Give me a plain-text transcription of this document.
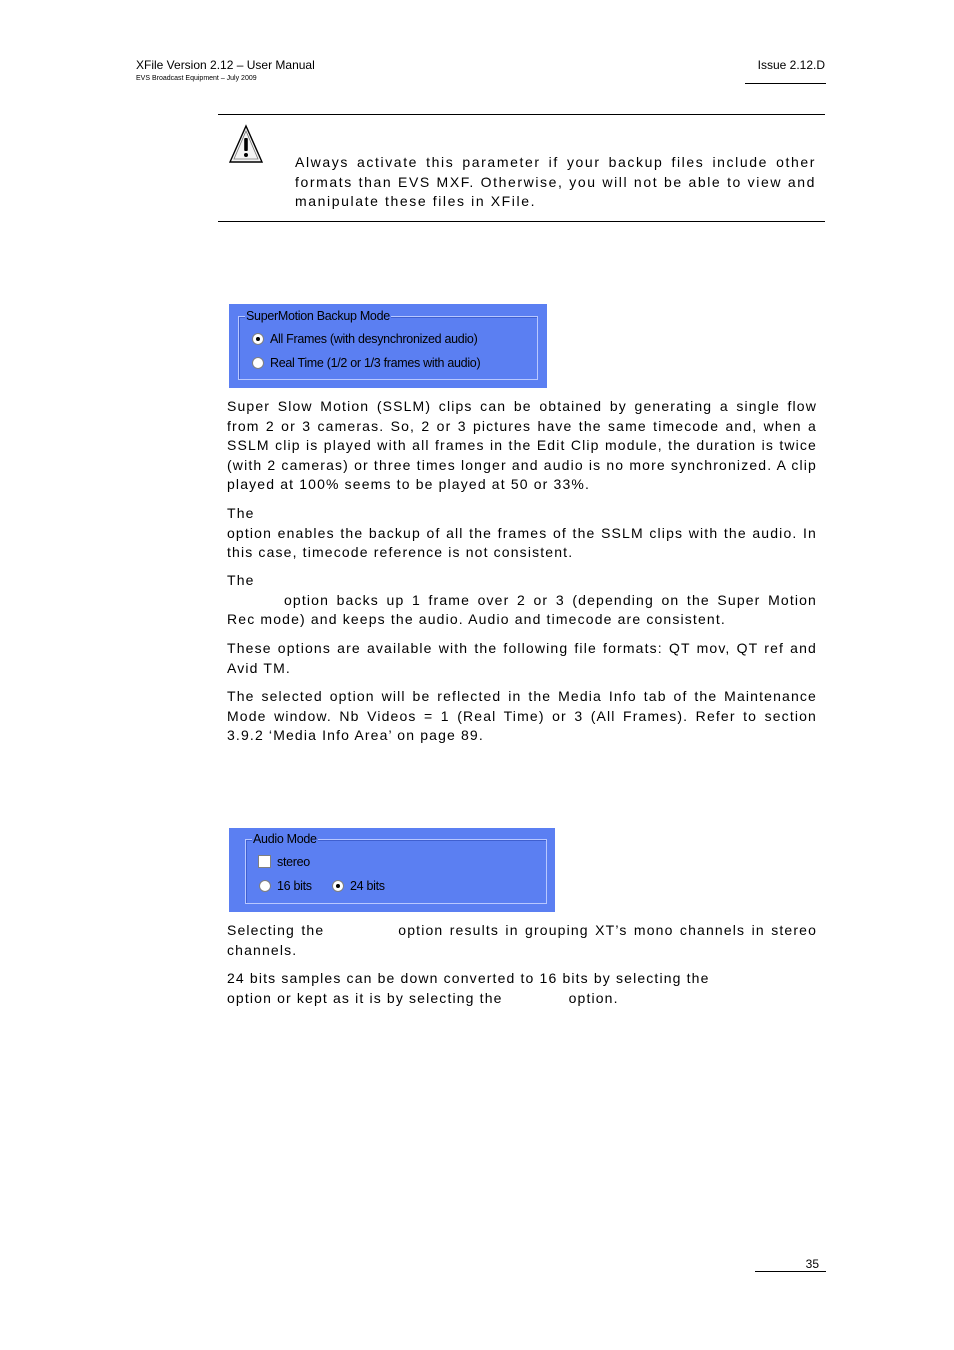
XFile Version 2.12 – User Manual
EVS Broadcast Equipment – July 2009
Issue 2.12.D
Always activate this parameter if your backup files include other formats than EVS MXF. Otherwise, you will not be able to view and manipulate these files in XFile.
SuperMotion Backup Mode
All Frames (with desynchronized audio)
Real Time (1/2 or 1/3 frames with audio)

Super Slow Motion (SSLM) clips can be obtained by generating a single flow from 2 or 3 cameras. So, 2 or 3 pictures have the same timecode and, when a SSLM clip is played with all frames in the Edit Clip module, the duration is twice (with 2 cameras) or three times longer and audio is no more synchronized. A clip played at 100% seems to be played at 50 or 33%.

The
option enables the backup of all the frames of the SSLM clips with the audio. In this case, timecode reference is not consistent.

The
option backs up 1 frame over 2 or 3 (depending on the Super Motion Rec mode) and keeps the audio. Audio and timecode are consistent.

These options are available with the following file formats: QT mov, QT ref and Avid TM.

The selected option will be reflected in the Media Info tab of the Maintenance Mode window. Nb Videos = 1 (Real Time) or 3 (All Frames). Refer to section 3.9.2 ‘Media Info Area’ on page 89.

Audio Mode
stereo
16 bits	24 bits

Selecting the	option results in grouping XT’s mono channels in stereo channels.

24 bits samples can be down converted to 16 bits by selecting the
option or kept as it is by selecting the	option.

35
